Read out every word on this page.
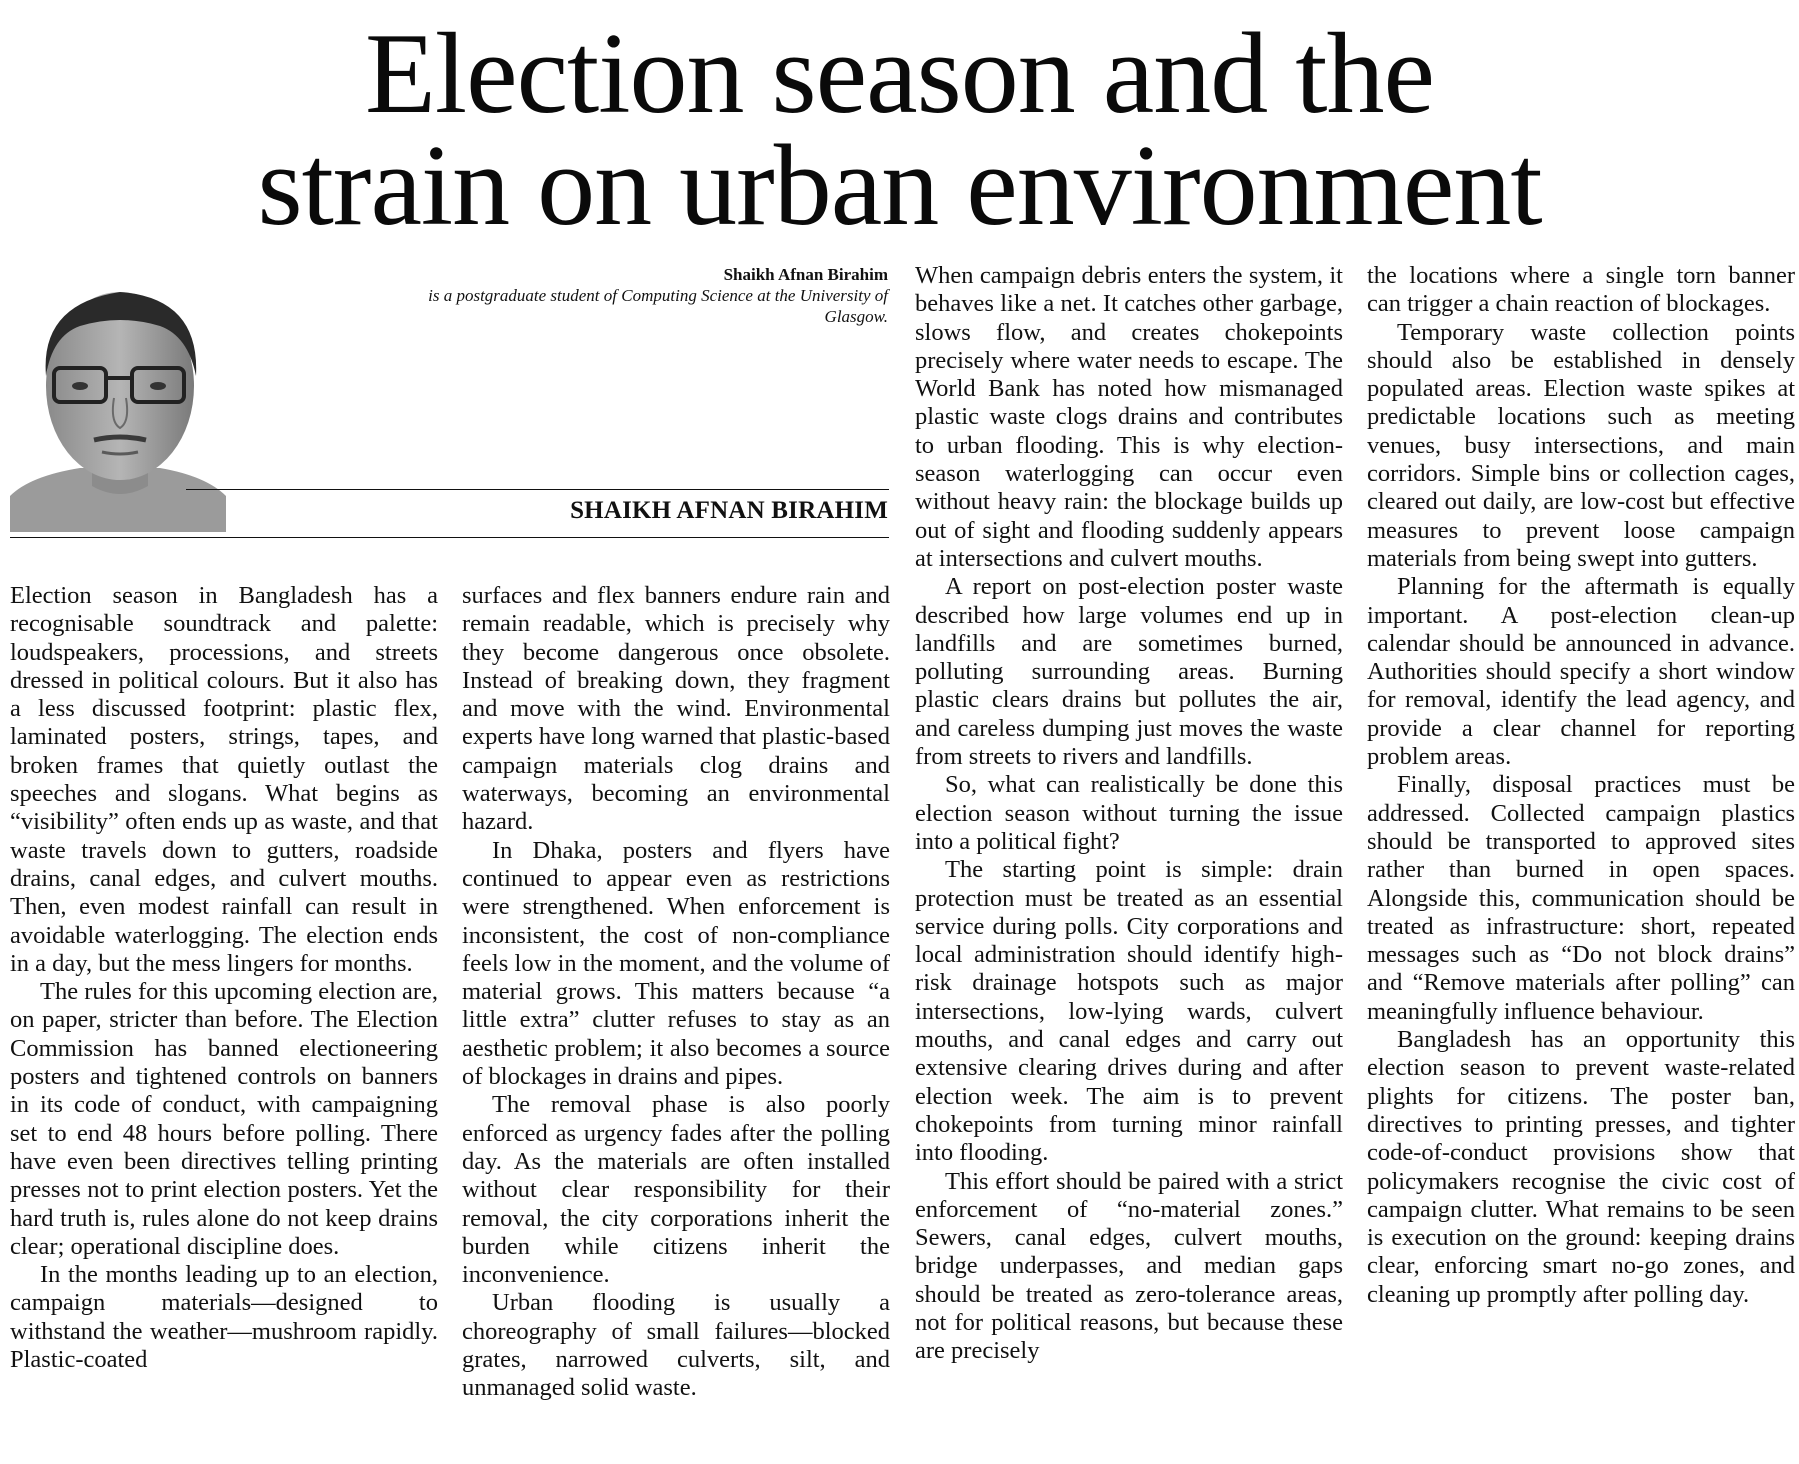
Election season and the
strain on urban environment
Shaikh Afnan Birahim
is a postgraduate student of Computing Science at the University of Glasgow.
SHAIKH AFNAN BIRAHIM

Election season in Bangladesh has a recognisable soundtrack and palette: loudspeakers, processions, and streets dressed in political colours. But it also has a less discussed footprint: plastic flex, laminated posters, strings, tapes, and broken frames that quietly outlast the speeches and slogans. What begins as “visibility” often ends up as waste, and that waste travels down to gutters, roadside drains, canal edges, and culvert mouths. Then, even modest rainfall can result in avoidable waterlogging. The election ends in a day, but the mess lingers for months.

The rules for this upcoming election are, on paper, stricter than before. The Election Commission has banned electioneering posters and tightened controls on banners in its code of conduct, with campaigning set to end 48 hours before polling. There have even been directives telling printing presses not to print election posters. Yet the hard truth is, rules alone do not keep drains clear; operational discipline does.

In the months leading up to an election, campaign materials—designed to withstand the weather—mushroom rapidly. Plastic-coated

surfaces and flex banners endure rain and remain readable, which is precisely why they become dangerous once obsolete. Instead of breaking down, they fragment and move with the wind. Environmental experts have long warned that plastic-based campaign materials clog drains and waterways, becoming an environmental hazard.

In Dhaka, posters and flyers have continued to appear even as restrictions were strengthened. When enforcement is inconsistent, the cost of non-compliance feels low in the moment, and the volume of material grows. This matters because “a little extra” clutter refuses to stay as an aesthetic problem; it also becomes a source of blockages in drains and pipes.

The removal phase is also poorly enforced as urgency fades after the polling day. As the materials are often installed without clear responsibility for their removal, the city corporations inherit the burden while citizens inherit the inconvenience.

Urban flooding is usually a choreography of small failures—blocked grates, narrowed culverts, silt, and unmanaged solid waste.

When campaign debris enters the system, it behaves like a net. It catches other garbage, slows flow, and creates chokepoints precisely where water needs to escape. The World Bank has noted how mismanaged plastic waste clogs drains and contributes to urban flooding. This is why election-season waterlogging can occur even without heavy rain: the blockage builds up out of sight and flooding suddenly appears at intersections and culvert mouths.

A report on post-election poster waste described how large volumes end up in landfills and are sometimes burned, polluting surrounding areas. Burning plastic clears drains but pollutes the air, and careless dumping just moves the waste from streets to rivers and landfills.

So, what can realistically be done this election season without turning the issue into a political fight?

The starting point is simple: drain protection must be treated as an essential service during polls. City corporations and local administration should identify high-risk drainage hotspots such as major intersections, low-lying wards, culvert mouths, and canal edges and carry out extensive clearing drives during and after election week. The aim is to prevent chokepoints from turning minor rainfall into flooding.

This effort should be paired with a strict enforcement of “no-material zones.” Sewers, canal edges, culvert mouths, bridge underpasses, and median gaps should be treated as zero-tolerance areas, not for political reasons, but because these are precisely

the locations where a single torn banner can trigger a chain reaction of blockages.

Temporary waste collection points should also be established in densely populated areas. Election waste spikes at predictable locations such as meeting venues, busy intersections, and main corridors. Simple bins or collection cages, cleared out daily, are low-cost but effective measures to prevent loose campaign materials from being swept into gutters.

Planning for the aftermath is equally important. A post-election clean-up calendar should be announced in advance. Authorities should specify a short window for removal, identify the lead agency, and provide a clear channel for reporting problem areas.

Finally, disposal practices must be addressed. Collected campaign plastics should be transported to approved sites rather than burned in open spaces. Alongside this, communication should be treated as infrastructure: short, repeated messages such as “Do not block drains” and “Remove materials after polling” can meaningfully influence behaviour.

Bangladesh has an opportunity this election season to prevent waste-related plights for citizens. The poster ban, directives to printing presses, and tighter code-of-conduct provisions show that policymakers recognise the civic cost of campaign clutter. What remains to be seen is execution on the ground: keeping drains clear, enforcing smart no-go zones, and cleaning up promptly after polling day.
